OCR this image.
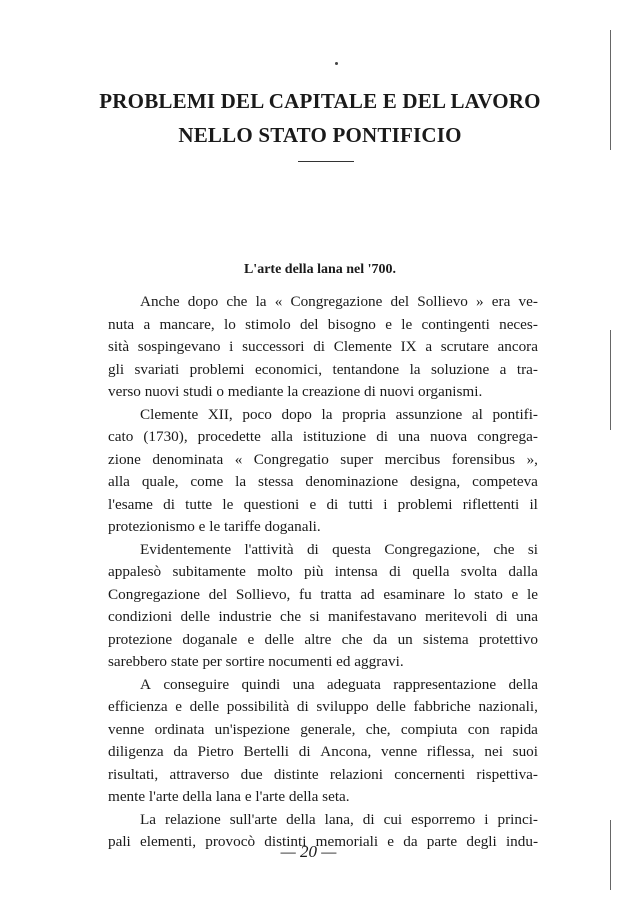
PROBLEMI DEL CAPITALE E DEL LAVORO
NELLO STATO PONTIFICIO
L'arte della lana nel '700.
Anche dopo che la « Congregazione del Sollievo » era ve-
nuta a mancare, lo stimolo del bisogno e le contingenti neces-
sità sospingevano i successori di Clemente IX a scrutare ancora
gli svariati problemi economici, tentandone la soluzione a tra-
verso nuovi studi o mediante la creazione di nuovi organismi.
Clemente XII, poco dopo la propria assunzione al pontifi-
cato (1730), procedette alla istituzione di una nuova congrega-
zione denominata « Congregatio super mercibus forensibus »,
alla quale, come la stessa denominazione designa, competeva
l'esame di tutte le questioni e di tutti i problemi riflettenti il
protezionismo e le tariffe doganali.
Evidentemente l'attività di questa Congregazione, che si
appalesò subitamente molto più intensa di quella svolta dalla
Congregazione del Sollievo, fu tratta ad esaminare lo stato e le
condizioni delle industrie che si manifestavano meritevoli di una
protezione doganale e delle altre che da un sistema protettivo
sarebbero state per sortire nocumenti ed aggravi.
A conseguire quindi una adeguata rappresentazione della
efficienza e delle possibilità di sviluppo delle fabbriche nazionali,
venne ordinata un'ispezione generale, che, compiuta con rapida
diligenza da Pietro Bertelli di Ancona, venne riflessa, nei suoi
risultati, attraverso due distinte relazioni concernenti rispettiva-
mente l'arte della lana e l'arte della seta.
La relazione sull'arte della lana, di cui esporremo i princi-
pali elementi, provocò distinti memoriali e da parte degli indu-
— 20 —
